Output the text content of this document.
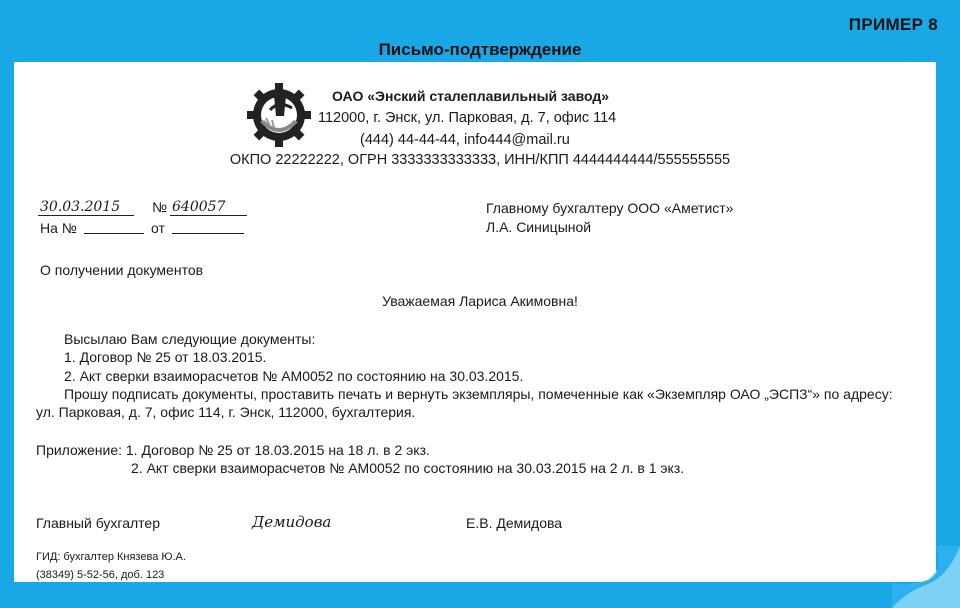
ПРИМЕР 8
Письмо-подтверждение
ОАО «Энский сталеплавильный завод»
112000, г. Энск, ул. Парковая, д. 7, офис 114
(444) 44-44-44, info444@mail.ru
ОКПО 22222222, ОГРН 3333333333333, ИНН/КПП 4444444444/555555555
30.03.2015	№ 640057
На №	от
Главному бухгалтеру ООО «Аметист»
Л.А. Синицыной
О получении документов
Уважаемая Лариса Акимовна!
Высылаю Вам следующие документы:
1. Договор № 25 от 18.03.2015.
2. Акт сверки взаиморасчетов № АМ0052 по состоянию на 30.03.2015.
Прошу подписать документы, проставить печать и вернуть экземпляры, помеченные как «Экземпляр ОАО „ЭСПЗ“» по адресу:
ул. Парковая, д. 7, офис 114, г. Энск, 112000, бухгалтерия.
Приложение: 1. Договор № 25 от 18.03.2015 на 18 л. в 2 экз.
2. Акт сверки взаиморасчетов № АМ0052 по состоянию на 30.03.2015 на 2 л. в 1 экз.
Главный бухгалтер	Демидова	Е.В. Демидова
ГИД: бухгалтер Князева Ю.А.
(38349) 5-52-56, доб. 123
